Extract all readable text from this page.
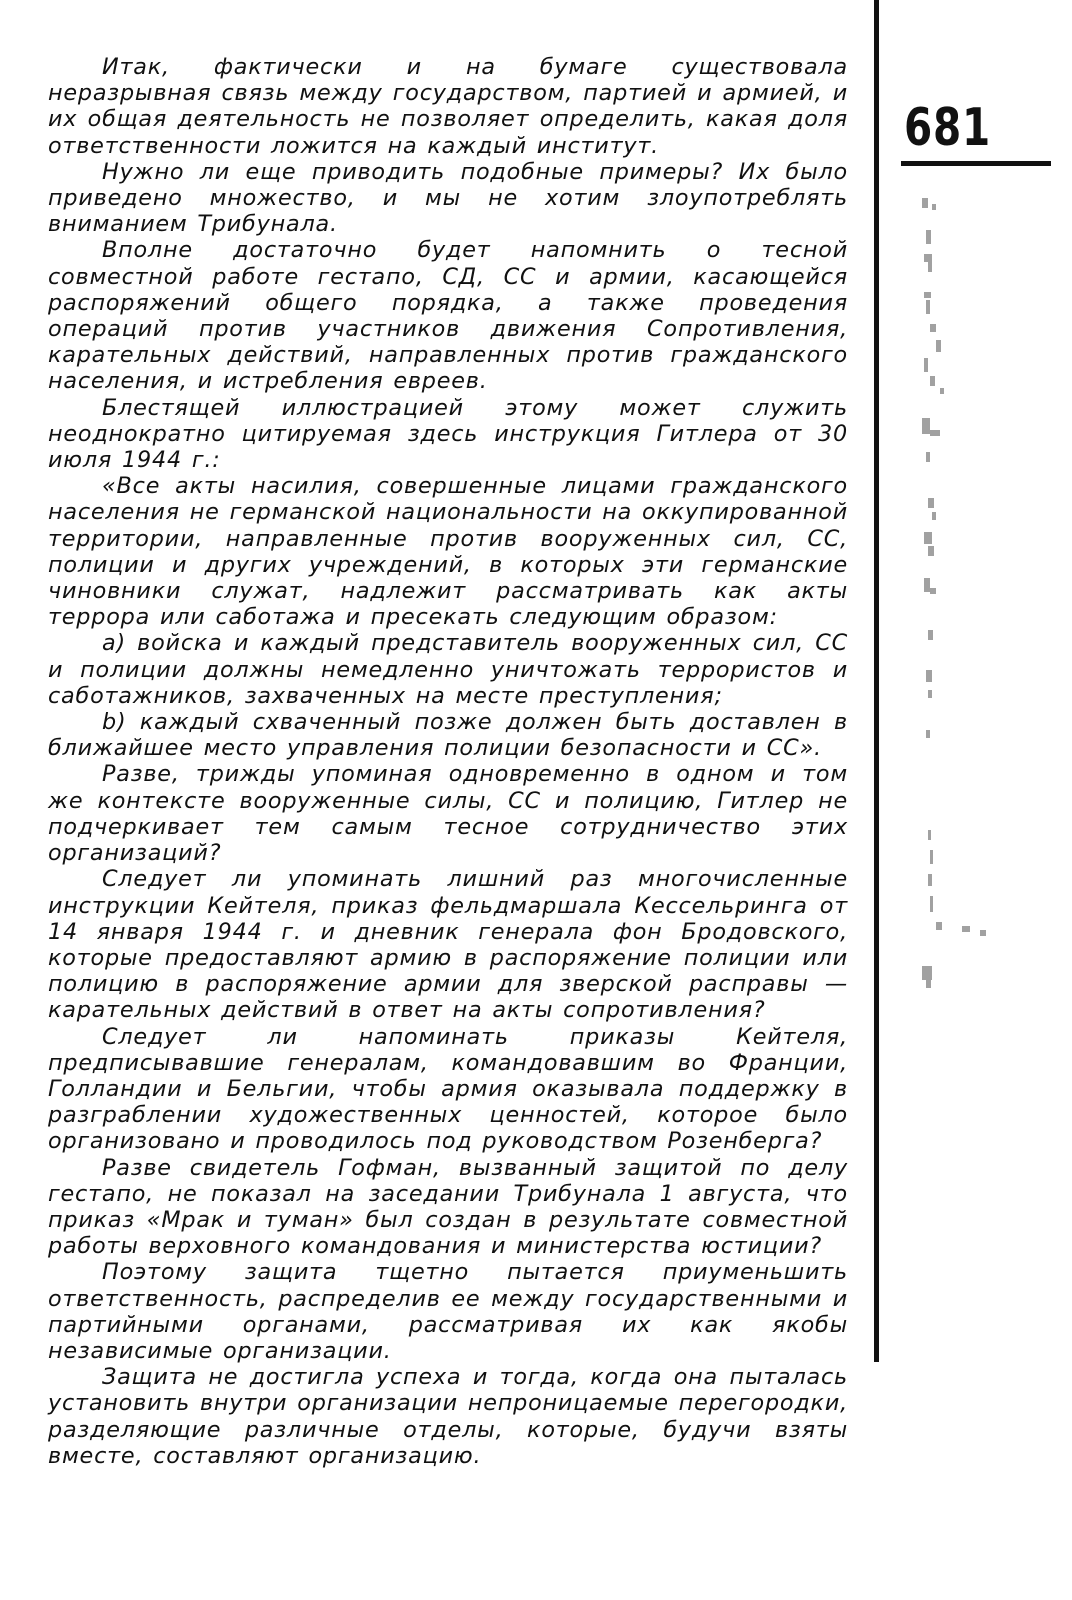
681

Итак, фактически и на бумаге существовала неразрывная связь между государством, партией и армией, и их общая деятельность не позволяет определить, какая доля ответственности ложится на каждый институт.

Нужно ли еще приводить подобные примеры? Их было приведено множество, и мы не хотим злоупотреблять вниманием Трибунала.

Вполне достаточно будет напомнить о тесной совместной работе гестапо, СД, СС и армии, касающейся распоряжений общего порядка, а также проведения операций против участников движения Сопротивления, карательных действий, направленных против гражданского населения, и истребления евреев.

Блестящей иллюстрацией этому может служить неоднократно цитируемая здесь инструкция Гитлера от 30 июля 1944 г.:

«Все акты насилия, совершенные лицами гражданского населения не германской национальности на оккупированной территории, направленные против вооруженных сил, СС, полиции и других учреждений, в которых эти германские чиновники служат, надлежит рассматривать как акты террора или саботажа и пресекать следующим образом:

а) войска и каждый представитель вооруженных сил, СС и полиции должны немедленно уничтожать террористов и саботажников, захваченных на месте преступления;

b) каждый схваченный позже должен быть доставлен в ближайшее место управления полиции безопасности и СС».

Разве, трижды упоминая одновременно в одном и том же контексте вооруженные силы, СС и полицию, Гитлер не подчеркивает тем самым тесное сотрудничество этих организаций?

Следует ли упоминать лишний раз многочисленные инструкции Кейтеля, приказ фельдмаршала Кессельринга от 14 января 1944 г. и дневник генерала фон Бродовского, которые предоставляют армию в распоряжение полиции или полицию в распоряжение армии для зверской расправы — карательных действий в ответ на акты сопротивления?

Следует ли напоминать приказы Кейтеля, предписывавшие генералам, командовавшим во Франции, Голландии и Бельгии, чтобы армия оказывала поддержку в разграблении художественных ценностей, которое было организовано и проводилось под руководством Розенберга?

Разве свидетель Гофман, вызванный защитой по делу гестапо, не показал на заседании Трибунала 1 августа, что приказ «Мрак и туман» был создан в результате совместной работы верховного командования и министерства юстиции?

Поэтому защита тщетно пытается приуменьшить ответственность, распределив ее между государственными и партийными органами, рассматривая их как якобы независимые организации.

Защита не достигла успеха и тогда, когда она пыталась установить внутри организации непроницаемые перегородки, разделяющие различные отделы, которые, будучи взяты вместе, составляют организацию.
